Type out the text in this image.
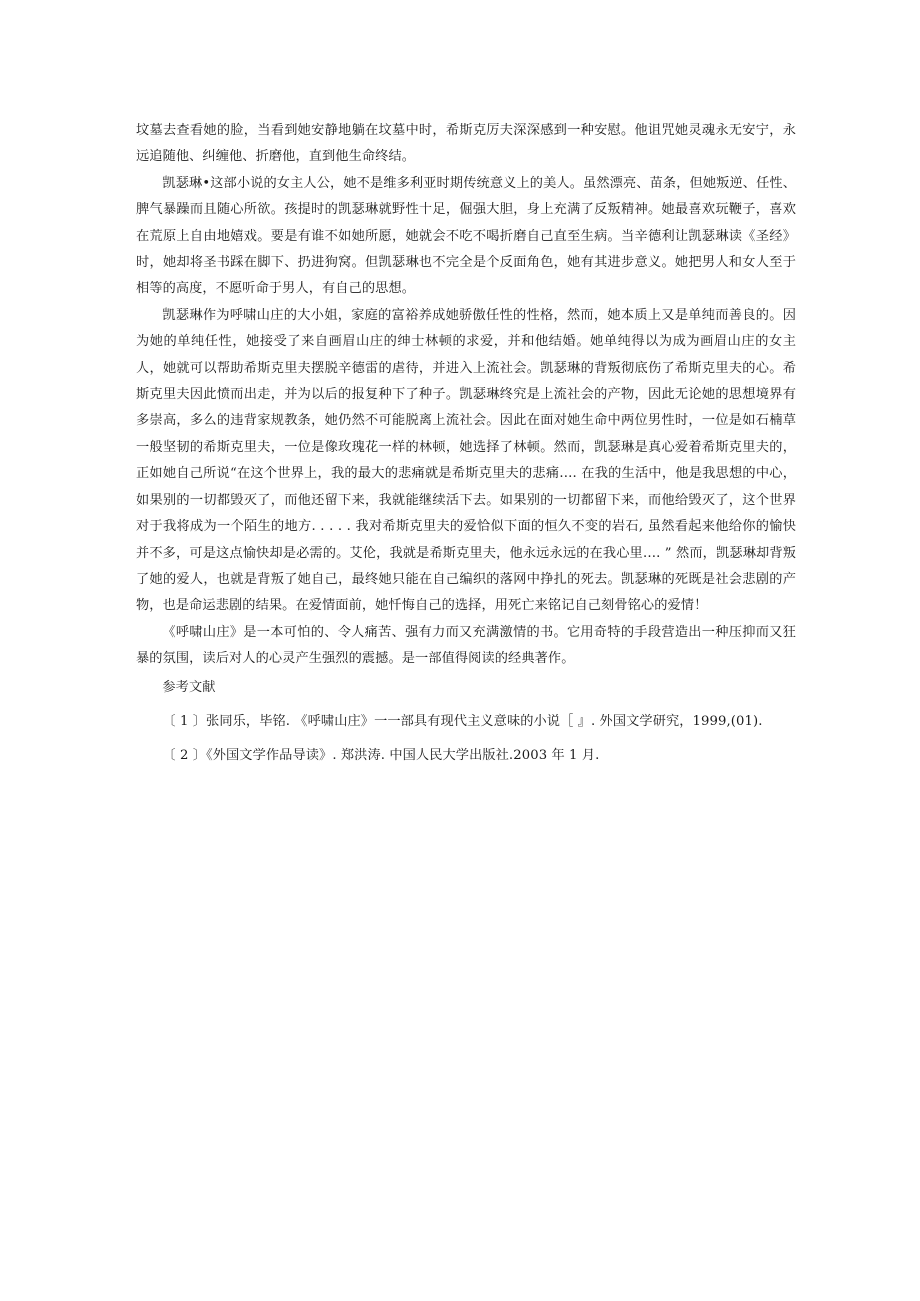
坟墓去查看她的脸，当看到她安静地躺在坟墓中时，希斯克厉夫深深感到一种安慰。他诅咒她灵魂永无安宁，永远追随他、纠缠他、折磨他，直到他生命终结。

凯瑟琳•这部小说的女主人公，她不是维多利亚时期传统意义上的美人。虽然漂亮、苗条，但她叛逆、任性、脾气暴躁而且随心所欲。孩提时的凯瑟琳就野性十足，倔强大胆，身上充满了反叛精神。她最喜欢玩鞭子，喜欢在荒原上自由地嬉戏。要是有谁不如她所愿，她就会不吃不喝折磨自己直至生病。当辛德利让凯瑟琳读《圣经》时，她却将圣书踩在脚下、扔进狗窝。但凯瑟琳也不完全是个反面角色，她有其进步意义。她把男人和女人至于相等的高度，不愿听命于男人，有自己的思想。

凯瑟琳作为呼啸山庄的大小姐，家庭的富裕养成她骄傲任性的性格，然而，她本质上又是单纯而善良的。因为她的单纯任性，她接受了来自画眉山庄的绅士林顿的求爱，并和他结婚。她单纯得以为成为画眉山庄的女主人，她就可以帮助希斯克里夫摆脱辛德雷的虐待，并进入上流社会。凯瑟琳的背叛彻底伤了希斯克里夫的心。希斯克里夫因此愤而出走，并为以后的报复种下了种子。凯瑟琳终究是上流社会的产物，因此无论她的思想境界有多崇高，多么的违背家规教条，她仍然不可能脱离上流社会。因此在面对她生命中两位男性时，一位是如石楠草一般坚韧的希斯克里夫，一位是像玫瑰花一样的林顿，她选择了林顿。然而，凯瑟琳是真心爱着希斯克里夫的，正如她自己所说“在这个世界上，我的最大的悲痛就是希斯克里夫的悲痛…. 在我的生活中，他是我思想的中心，如果别的一切都毁灭了，而他还留下来，我就能继续活下去。如果别的一切都留下来，而他给毁灭了，这个世界对于我将成为一个陌生的地方. . . . . 我对希斯克里夫的爱恰似下面的恒久不变的岩石, 虽然看起来他给你的愉快并不多，可是这点愉快却是必需的。艾伦，我就是希斯克里夫，他永远永远的在我心里…. ” 然而，凯瑟琳却背叛了她的爱人，也就是背叛了她自己，最终她只能在自己编织的落网中挣扎的死去。凯瑟琳的死既是社会悲剧的产物，也是命运悲剧的结果。在爱情面前，她忏悔自己的选择，用死亡来铭记自己刻骨铭心的爱情！

《呼啸山庄》是一本可怕的、令人痛苦、强有力而又充满激情的书。它用奇特的手段营造出一种压抑而又狂暴的氛围，读后对人的心灵产生强烈的震撼。是一部值得阅读的经典著作。

参考文献

〔 1 〕张同乐，毕铭. 《呼啸山庄》一一部具有现代主义意味的小说［ 』. 外国文学研究，1999,(01).

〔 2 〕《外国文学作品导读》. 郑洪涛. 中国人民大学出版社.2003 年 1 月.
